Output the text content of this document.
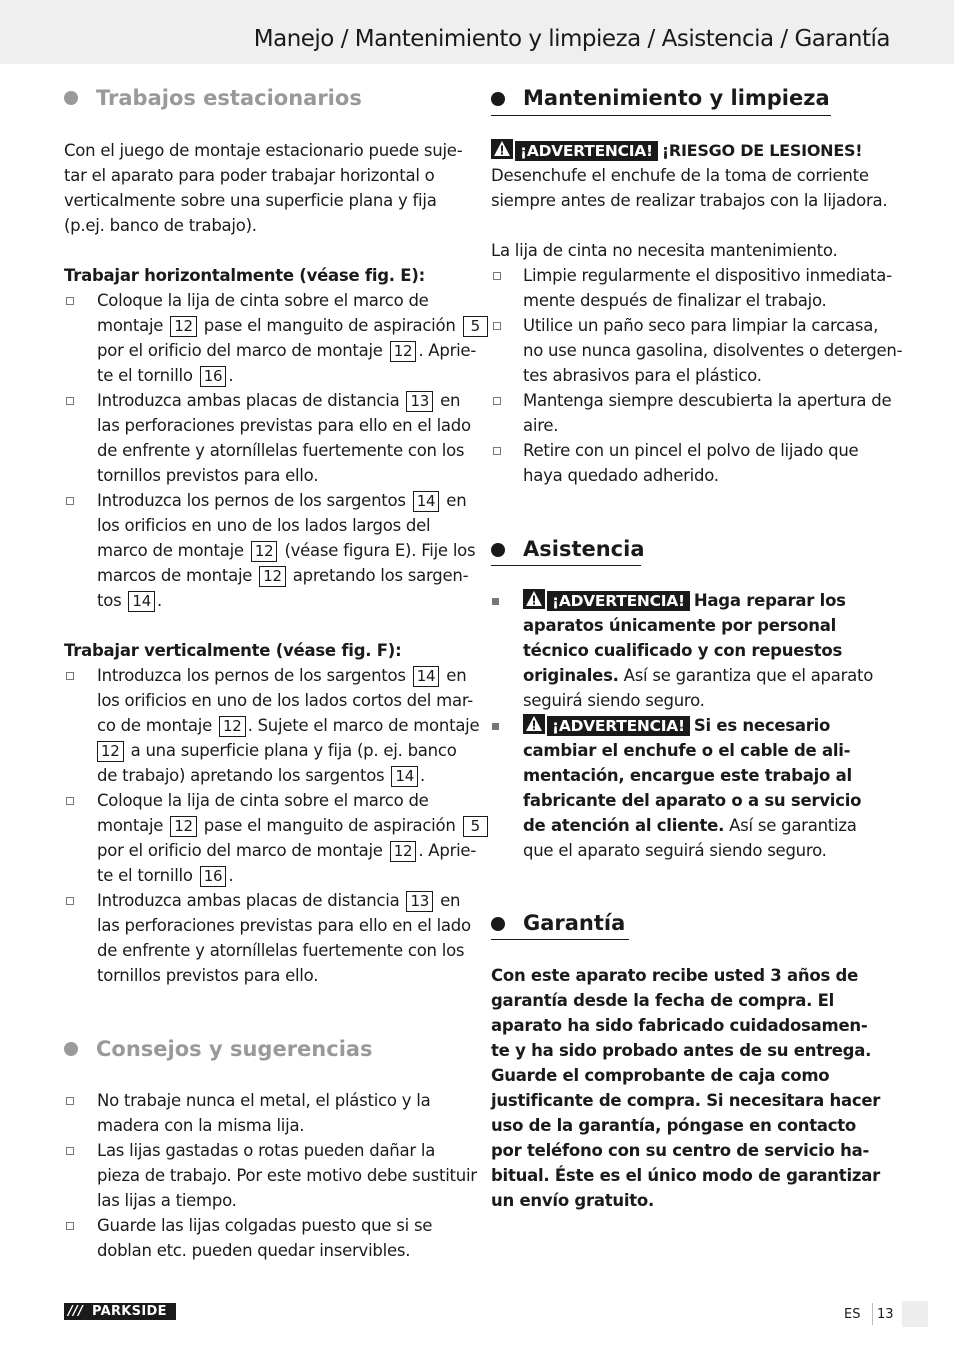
Manejo / Mantenimiento y limpieza / Asistencia / Garantía
Trabajos estacionarios
Con el juego de montaje estacionario puede suje-
tar el aparato para poder trabajar horizontal o
verticalmente sobre una superficie plana y fija
(p.ej. banco de trabajo).
Trabajar horizontalmente (véase fig. E):
Coloque la lija de cinta sobre el marco de
montaje 12 pase el manguito de aspiración 5
por el orificio del marco de montaje 12 . Aprie-
te el tornillo 16 .
Introduzca ambas placas de distancia 13 en
las perforaciones previstas para ello en el lado
de enfrente y atorníllelas fuertemente con los
tornillos previstos para ello.
Introduzca los pernos de los sargentos 14 en
los orificios en uno de los lados largos del
marco de montaje 12 (véase figura E). Fije los
marcos de montaje 12 apretando los sargen-
tos 14 .
Trabajar verticalmente (véase fig. F):
Introduzca los pernos de los sargentos 14 en
los orificios en uno de los lados cortos del mar-
co de montaje 12 . Sujete el marco de montaje
12 a una superficie plana y fija (p. ej. banco
de trabajo) apretando los sargentos 14 .
Coloque la lija de cinta sobre el marco de
montaje 12 pase el manguito de aspiración 5
por el orificio del marco de montaje 12 . Aprie-
te el tornillo 16 .
Introduzca ambas placas de distancia 13 en
las perforaciones previstas para ello en el lado
de enfrente y atorníllelas fuertemente con los
tornillos previstos para ello.
Consejos y sugerencias
No trabaje nunca el metal, el plástico y la
madera con la misma lija.
Las lijas gastadas o rotas pueden dañar la
pieza de trabajo. Por este motivo debe sustituir
las lijas a tiempo.
Guarde las lijas colgadas puesto que si se
doblan etc. pueden quedar inservibles.
Mantenimiento y limpieza
¡ADVERTENCIA! ¡RIESGO DE LESIONES!
Desenchufe el enchufe de la toma de corriente
siempre antes de realizar trabajos con la lijadora.
La lija de cinta no necesita mantenimiento.
Limpie regularmente el dispositivo inmediata-
mente después de finalizar el trabajo.
Utilice un paño seco para limpiar la carcasa,
no use nunca gasolina, disolventes o detergen-
tes abrasivos para el plástico.
Mantenga siempre descubierta la apertura de
aire.
Retire con un pincel el polvo de lijado que
haya quedado adherido.
Asistencia
¡ADVERTENCIA! Haga reparar los
aparatos únicamente por personal
técnico cualificado y con repuestos
originales. Así se garantiza que el aparato
seguirá siendo seguro.
¡ADVERTENCIA! Si es necesario
cambiar el enchufe o el cable de ali-
mentación, encargue este trabajo al
fabricante del aparato o a su servicio
de atención al cliente. Así se garantiza
que el aparato seguirá siendo seguro.
Garantía
Con este aparato recibe usted 3 años de
garantía desde la fecha de compra. El
aparato ha sido fabricado cuidadosamen-
te y ha sido probado antes de su entrega.
Guarde el comprobante de caja como
justificante de compra. Si necesitara hacer
uso de la garantía, póngase en contacto
por teléfono con su centro de servicio ha-
bitual. Éste es el único modo de garantizar
un envío gratuito.
/// PARKSIDE	ES 13
